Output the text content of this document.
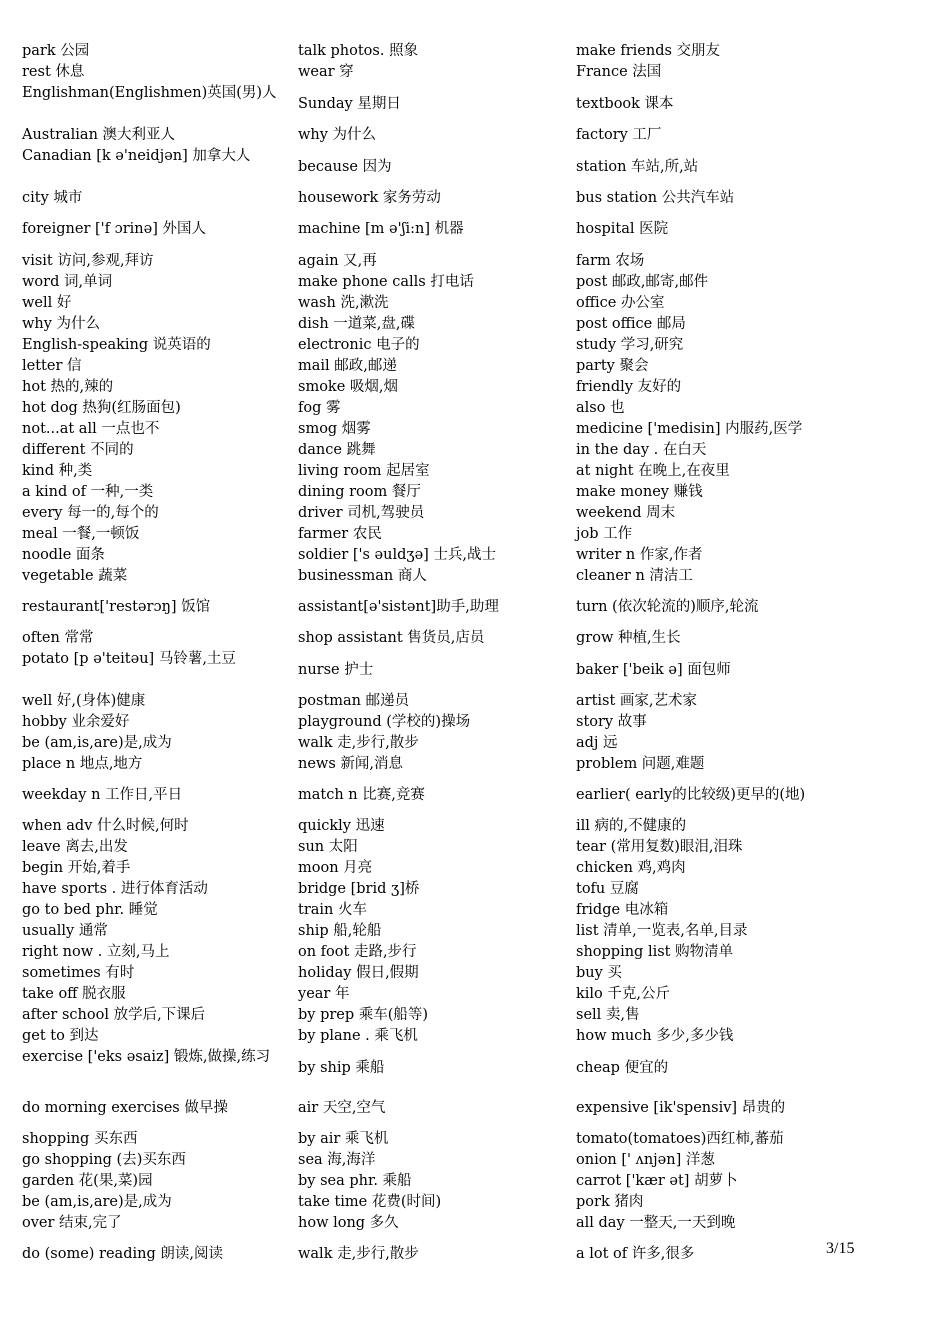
park 公园
rest 休息
Englishman(Englishmen)英国(男)人
Australian 澳大利亚人
Canadian [k ə'neidjən] 加拿大人
city 城市
foreigner ['f ɔrinə] 外国人
visit 访问,参观,拜访
word 词,单词
well 好
why 为什么
English-speaking 说英语的
letter 信
hot 热的,辣的
hot dog 热狗(红肠面包)
not...at all 一点也不
different 不同的
kind 种,类
a kind of 一种,一类
every 每一的,每个的
meal 一餐,一顿饭
noodle 面条
vegetable 蔬菜
restaurant['restərɔŋ] 饭馆
often 常常
potato [p ə'teitəu] 马铃薯,土豆
well 好,(身体)健康
hobby 业余爱好
be (am,is,are)是,成为
place n 地点,地方
weekday n 工作日,平日
when adv 什么时候,何时
leave 离去,出发
begin 开始,着手
have sports . 进行体育活动
go to bed phr. 睡觉
usually 通常
right now . 立刻,马上
sometimes 有时
take off 脱衣服
after school 放学后,下课后
get to 到达
exercise ['eks əsaiz] 锻炼,做操,练习
do morning exercises 做早操
shopping 买东西
go shopping (去)买东西
garden 花(果,菜)园
be (am,is,are)是,成为
over 结束,完了
do (some) reading 朗读,阅读
talk photos. 照象
wear 穿
Sunday 星期日
why 为什么
because 因为
housework 家务劳动
machine [m ə'ʃi:n] 机器
again 又,再
make phone calls 打电话
wash 洗,漱洗
dish 一道菜,盘,碟
electronic 电子的
mail 邮政,邮递
smoke 吸烟,烟
fog 雾
smog 烟雾
dance 跳舞
living room 起居室
dining room 餐厅
driver 司机,驾驶员
farmer 农民
soldier ['s əuldʒə] 士兵,战士
businessman 商人
assistant[ə'sistənt]助手,助理
shop assistant 售货员,店员
nurse 护士
postman 邮递员
playground (学校的)操场
walk 走,步行,散步
news 新闻,消息
match n 比赛,竞赛
quickly 迅速
sun 太阳
moon 月亮
bridge [brid ʒ]桥
train 火车
ship 船,轮船
on foot 走路,步行
holiday 假日,假期
year 年
by prep 乘车(船等)
by plane . 乘飞机
by ship 乘船
air 天空,空气
by air 乘飞机
sea 海,海洋
by sea phr. 乘船
take time 花费(时间)
how long 多久
walk 走,步行,散步
make friends 交朋友
France 法国
textbook 课本
factory 工厂
station 车站,所,站
bus station 公共汽车站
hospital 医院
farm 农场
post 邮政,邮寄,邮件
office 办公室
post office 邮局
study 学习,研究
party 聚会
friendly 友好的
also 也
medicine ['medisin] 内服药,医学
in the day . 在白天
at night 在晚上,在夜里
make money 赚钱
weekend 周末
job 工作
writer n 作家,作者
cleaner n 清洁工
turn (依次轮流的)顺序,轮流
grow 种植,生长
baker ['beik ə] 面包师
artist 画家,艺术家
story 故事
adj 远
problem 问题,难题
earlier( early的比较级)更早的(地)
ill 病的,不健康的
tear (常用复数)眼泪,泪珠
chicken 鸡,鸡肉
tofu 豆腐
fridge 电冰箱
list 清单,一览表,名单,目录
shopping list 购物清单
buy 买
kilo 千克,公斤
sell 卖,售
how much 多少,多少钱
cheap 便宜的
expensive [ik'spensiv] 昂贵的
tomato(tomatoes)西红柿,蕃茄
onion [' ʌnjən] 洋葱
carrot ['kær ət] 胡萝卜
pork 猪肉
all day 一整天,一天到晚
a lot of 许多,很多	3/15
